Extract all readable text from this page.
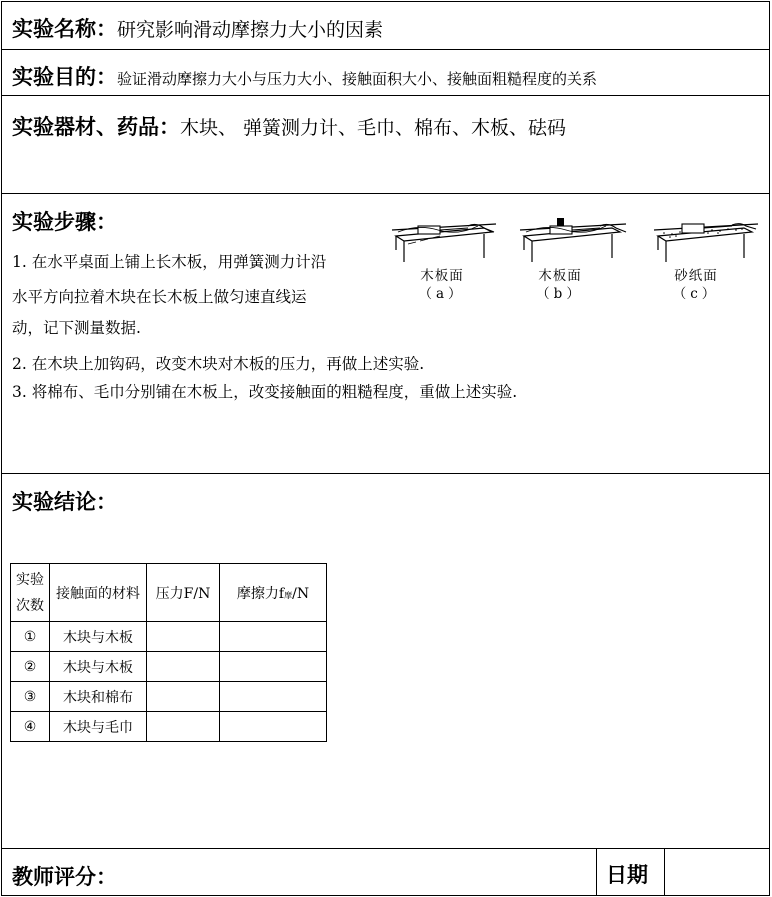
实验名称：研究影响滑动摩擦力大小的因素
实验目的：验证滑动摩擦力大小与压力大小、接触面积大小、接触面粗糙程度的关系
实验器材、药品：木块、 弹簧测力计、毛巾、棉布、木板、砝码
实验步骤：
1. 在水平桌面上铺上长木板，用弹簧测力计沿
水平方向拉着木块在长木板上做匀速直线运
动，记下测量数据.
2. 在木块上加钩码，改变木块对木板的压力，再做上述实验.
3. 将棉布、毛巾分别铺在木板上，改变接触面的粗糙程度，重做上述实验.
木板面
（a）
木板面
（b）
砂纸面
（c）
实验结论：
实验
次数	接触面的材料	压力F/N	摩擦力f摩/N
①	木块与木板		
②	木块与木板		
③	木块和棉布		
④	木块与毛巾		
教师评分：	日期
